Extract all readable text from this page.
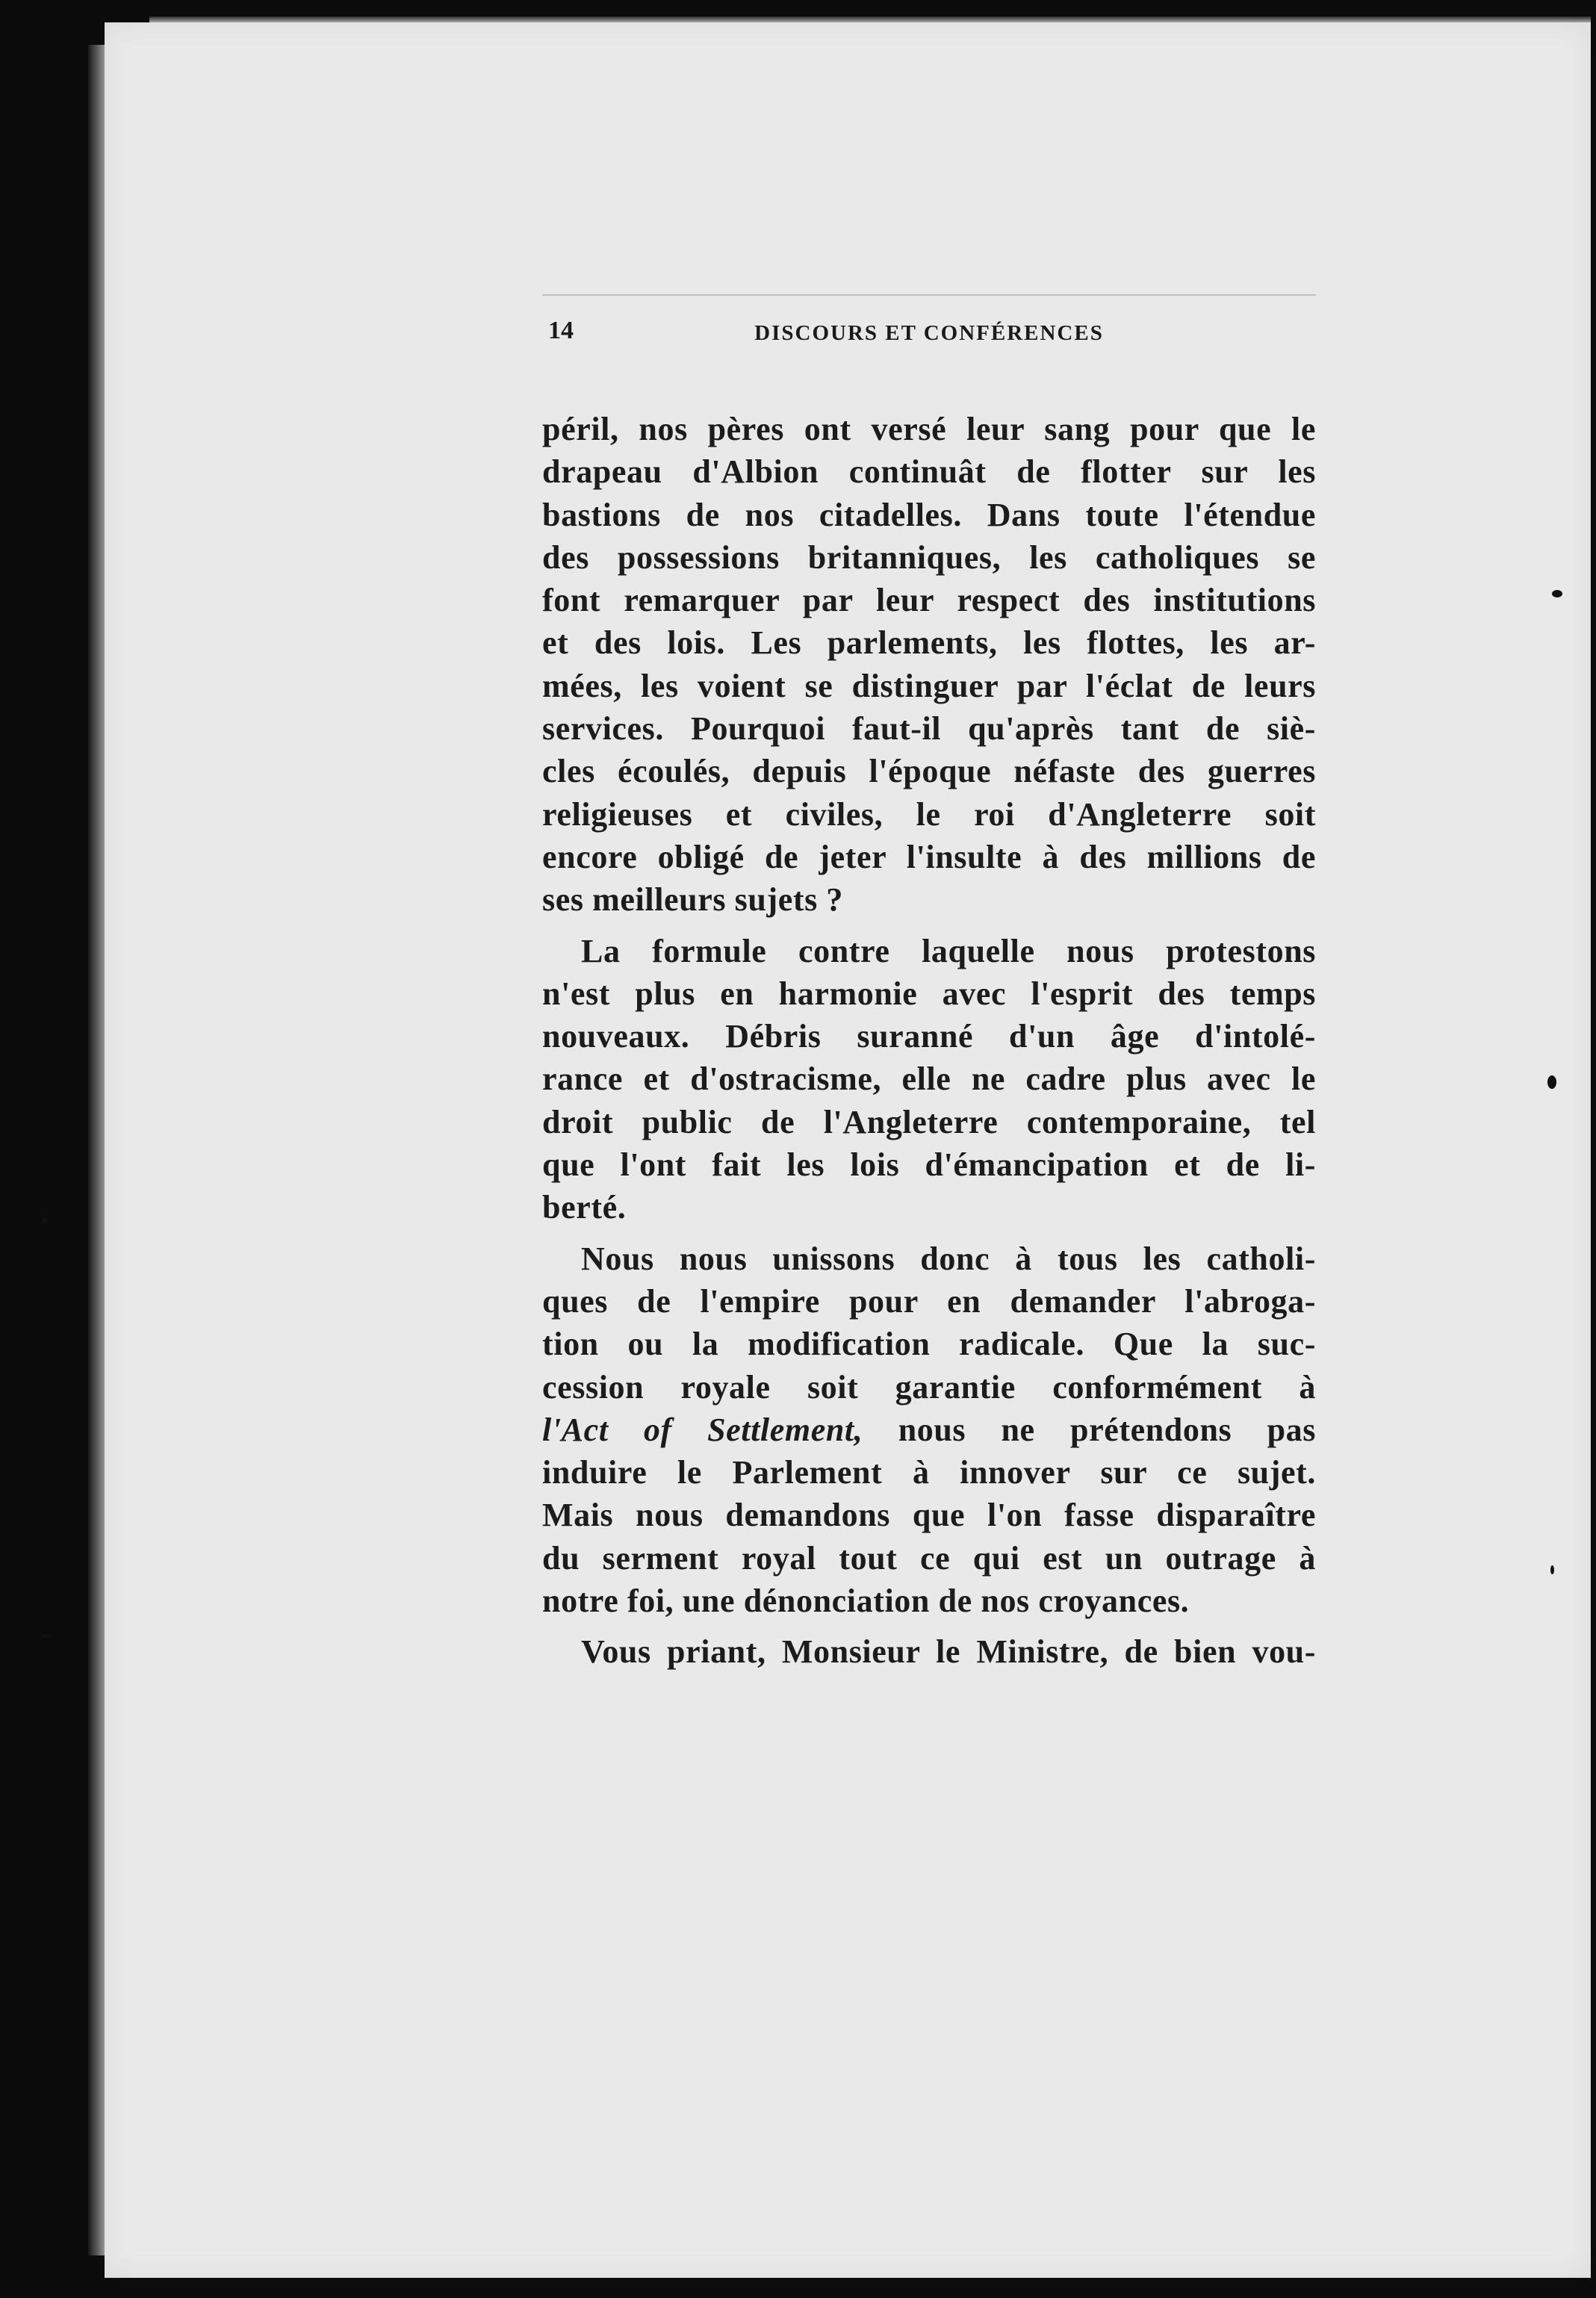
14	DISCOURS ET CONFÉRENCES
péril, nos pères ont versé leur sang pour que le
drapeau d'Albion continuât de flotter sur les
bastions de nos citadelles. Dans toute l'étendue
des possessions britanniques, les catholiques se
font remarquer par leur respect des institutions
et des lois. Les parlements, les flottes, les ar-
mées, les voient se distinguer par l'éclat de leurs
services. Pourquoi faut-il qu'après tant de siè-
cles écoulés, depuis l'époque néfaste des guerres
religieuses et civiles, le roi d'Angleterre soit
encore obligé de jeter l'insulte à des millions de
ses meilleurs sujets ?
La formule contre laquelle nous protestons
n'est plus en harmonie avec l'esprit des temps
nouveaux. Débris suranné d'un âge d'intolé-
rance et d'ostracisme, elle ne cadre plus avec le
droit public de l'Angleterre contemporaine, tel
que l'ont fait les lois d'émancipation et de li-
berté.
Nous nous unissons donc à tous les catholi-
ques de l'empire pour en demander l'abroga-
tion ou la modification radicale. Que la suc-
cession royale soit garantie conformément à
l'Act of Settlement, nous ne prétendons pas
induire le Parlement à innover sur ce sujet.
Mais nous demandons que l'on fasse disparaître
du serment royal tout ce qui est un outrage à
notre foi, une dénonciation de nos croyances.
Vous priant, Monsieur le Ministre, de bien vou-
